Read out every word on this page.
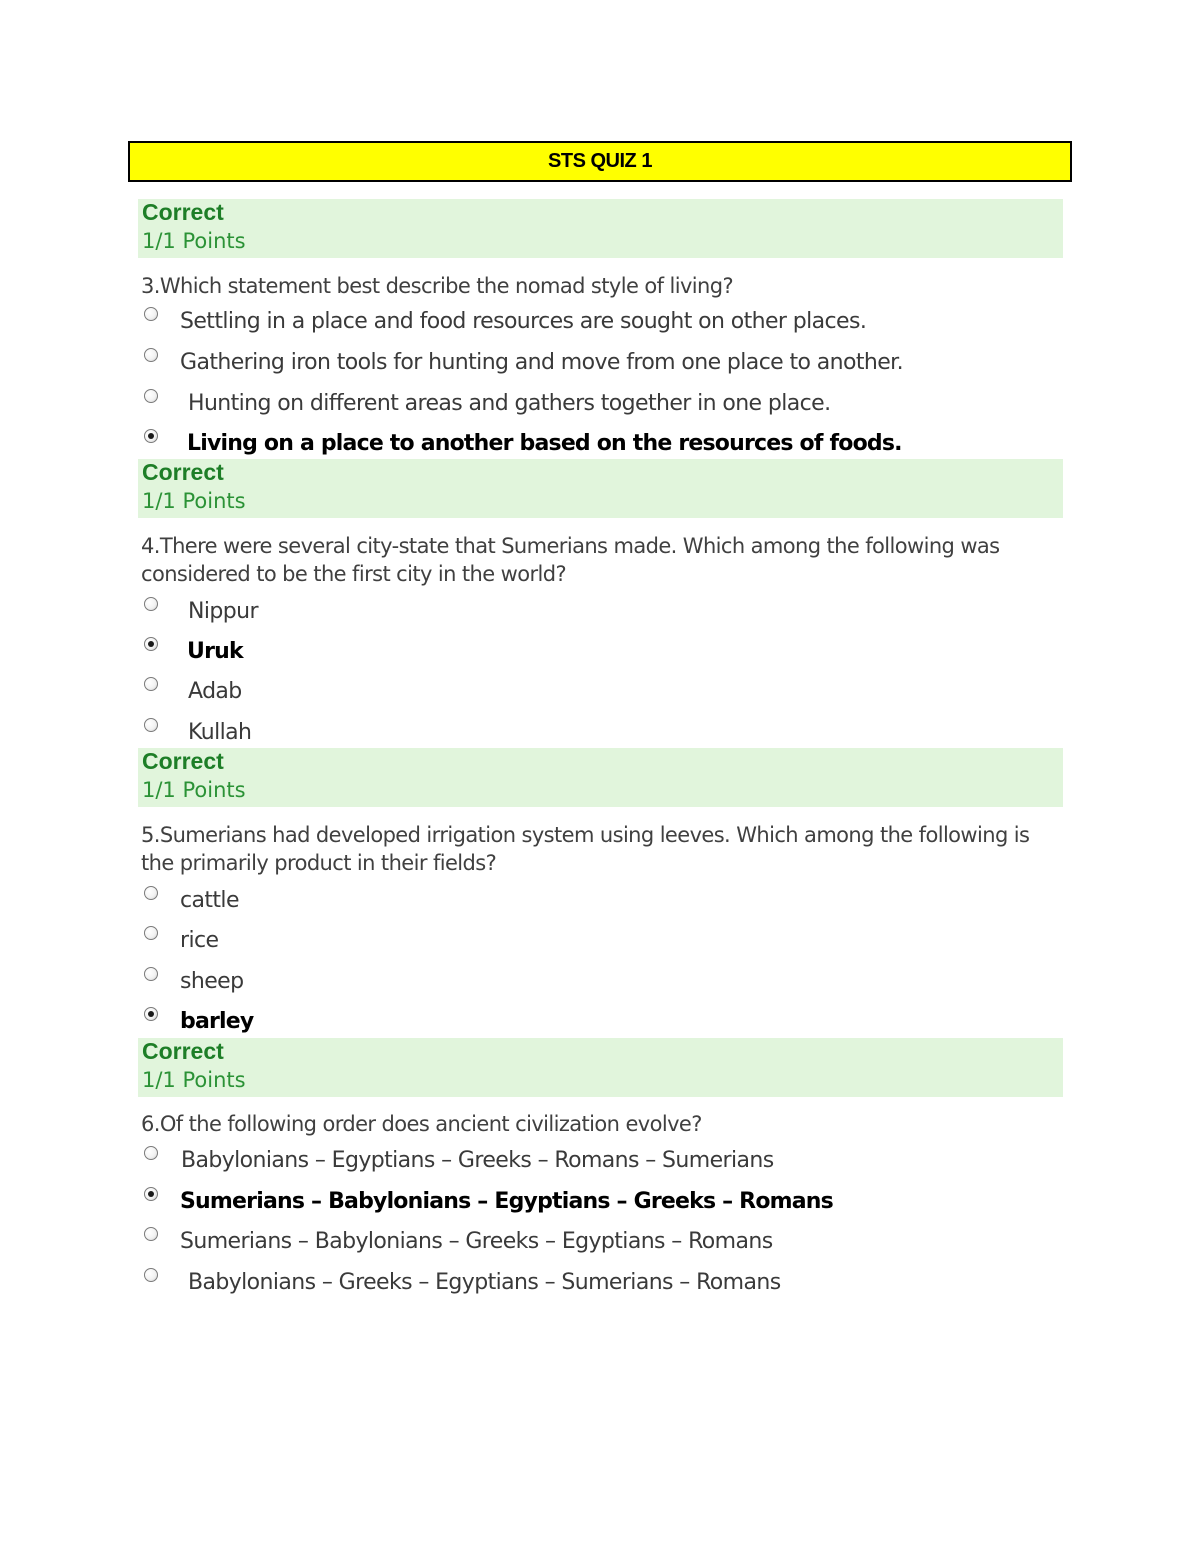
STS QUIZ 1
Correct
1/1 Points
3.Which statement best describe the nomad style of living?
Settling in a place and food resources are sought on other places.
Gathering iron tools for hunting and move from one place to another.
Hunting on different areas and gathers together in one place.
Living on a place to another based on the resources of foods.
Correct
1/1 Points
4.There were several city-state that Sumerians made. Which among the following was considered to be the first city in the world?
Nippur
Uruk
Adab
Kullah
Correct
1/1 Points
5.Sumerians had developed irrigation system using leeves. Which among the following is the primarily product in their fields?
cattle
rice
sheep
barley
Correct
1/1 Points
6.Of the following order does ancient civilization evolve?
Babylonians – Egyptians – Greeks – Romans – Sumerians
Sumerians – Babylonians – Egyptians – Greeks – Romans
Sumerians – Babylonians – Greeks – Egyptians – Romans
Babylonians – Greeks – Egyptians – Sumerians – Romans
